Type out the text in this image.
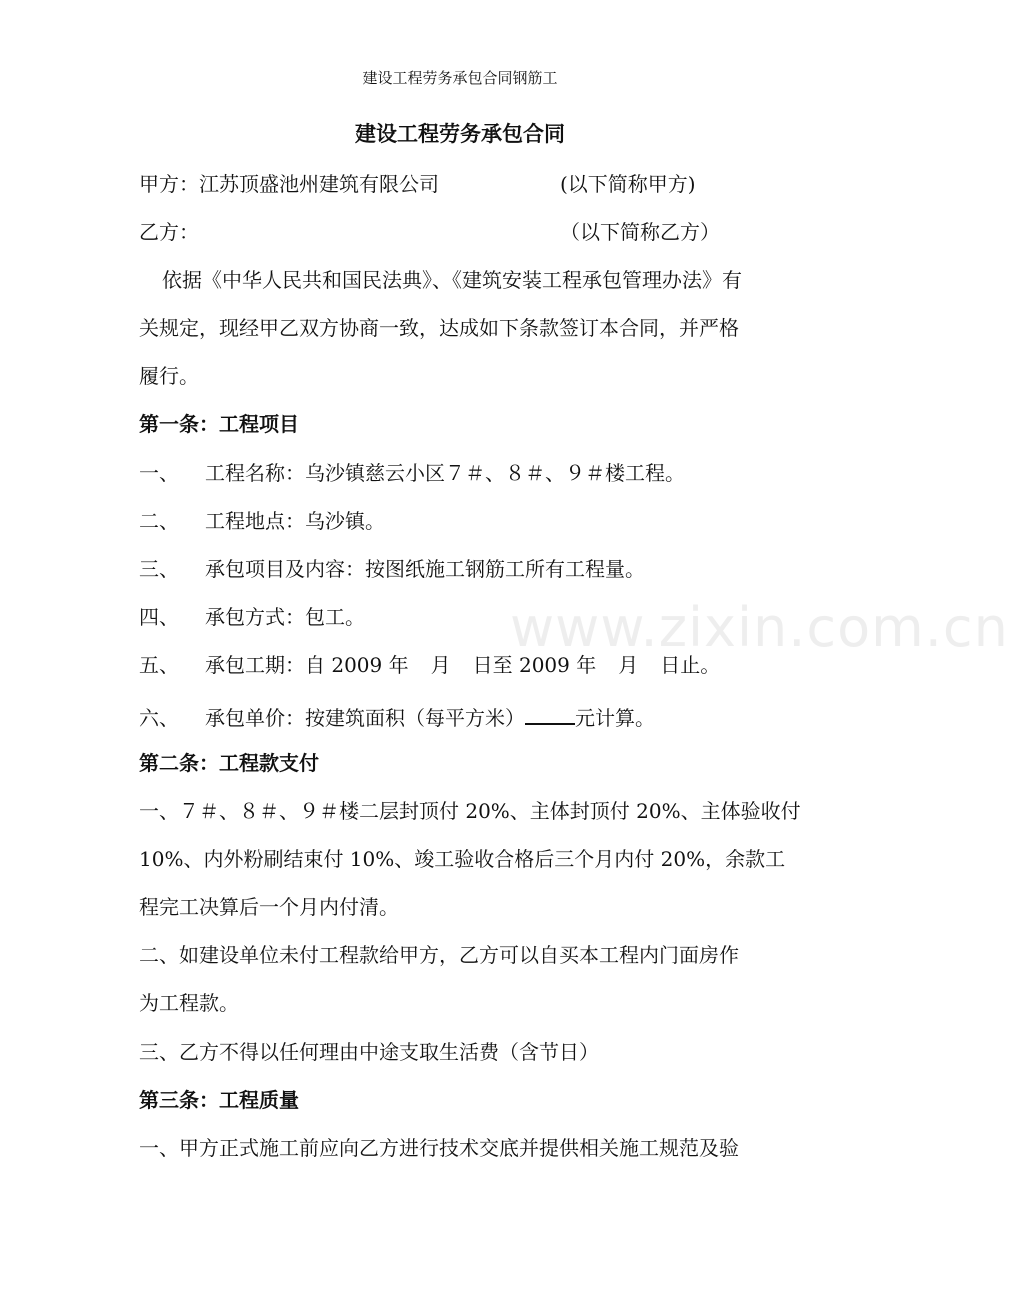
建设工程劳务承包合同钢筋工
建设工程劳务承包合同
甲方：江苏顶盛池州建筑有限公司	(以下简称甲方)
乙方：	（以下简称乙方）
依据《中华人民共和国民法典》、《建筑安装工程承包管理办法》有
关规定，现经甲乙双方协商一致，达成如下条款签订本合同，并严格
履行。
第一条：工程项目
一、 工程名称：乌沙镇慈云小区７＃、８＃、９＃楼工程。
二、 工程地点：乌沙镇。
三、 承包项目及内容：按图纸施工钢筋工所有工程量。
四、 承包方式：包工。
五、 承包工期：自 2009 年 月 日至 2009 年 月 日止。
六、 承包单价：按建筑面积（每平方米）	元计算。
第二条：工程款支付
一、７＃、８＃、９＃楼二层封顶付 20%、主体封顶付 20%、主体验收付
10%、内外粉刷结束付 10%、竣工验收合格后三个月内付 20%，余款工
程完工决算后一个月内付清。
二、如建设单位未付工程款给甲方，乙方可以自买本工程内门面房作
为工程款。
三、乙方不得以任何理由中途支取生活费（含节日）
第三条：工程质量
一、甲方正式施工前应向乙方进行技术交底并提供相关施工规范及验
www.zixin.com.cn
